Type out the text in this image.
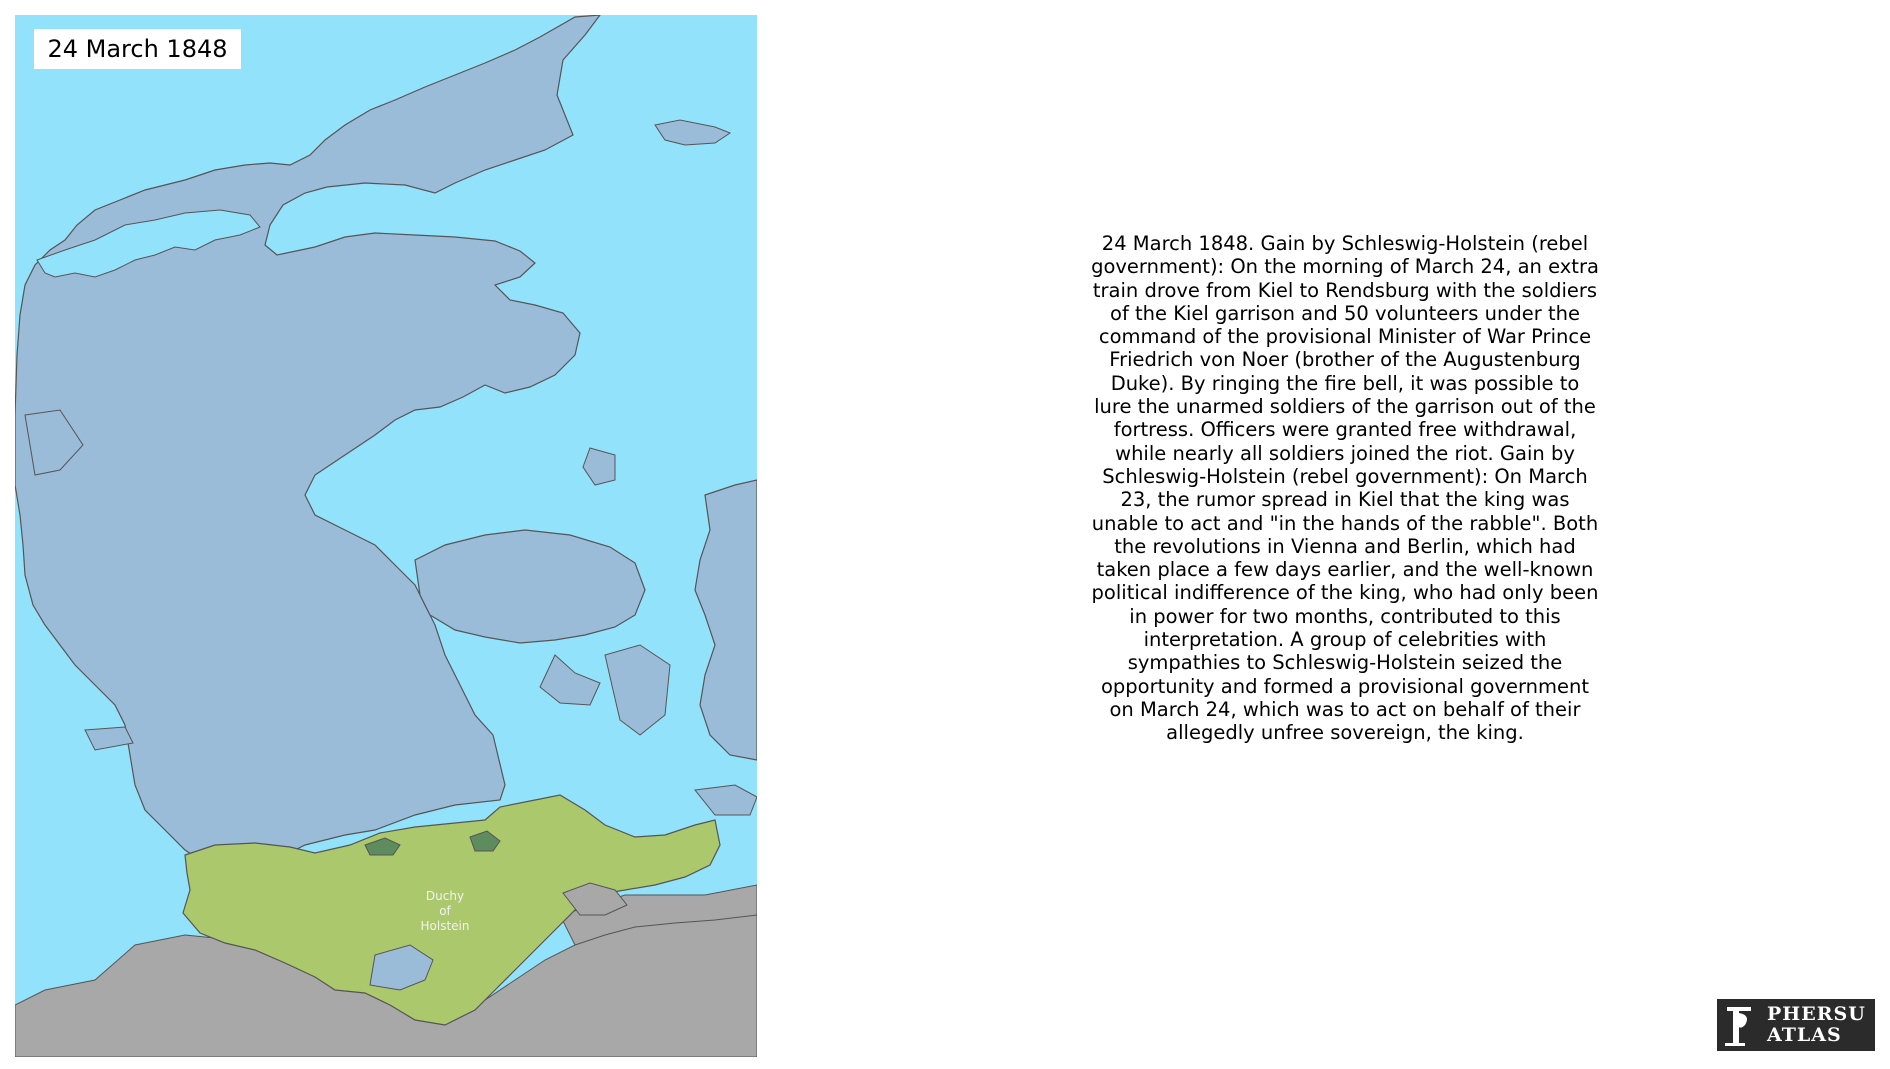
Duchy
of
Holstein
24 March 1848
24 March 1848. Gain by Schleswig-Holstein (rebel government): On the morning of March 24, an extra train drove from Kiel to Rendsburg with the soldiers of the Kiel garrison and 50 volunteers under the command of the provisional Minister of War Prince Friedrich von Noer (brother of the Augustenburg Duke). By ringing the fire bell, it was possible to lure the unarmed soldiers of the garrison out of the fortress. Officers were granted free withdrawal, while nearly all soldiers joined the riot. Gain by Schleswig-Holstein (rebel government): On March 23, the rumor spread in Kiel that the king was unable to act and "in the hands of the rabble". Both the revolutions in Vienna and Berlin, which had taken place a few days earlier, and the well-known political indifference of the king, who had only been in power for two months, contributed to this interpretation. A group of celebrities with sympathies to Schleswig-Holstein seized the opportunity and formed a provisional government on March 24, which was to act on behalf of their allegedly unfree sovereign, the king.
PHERSU
ATLAS
